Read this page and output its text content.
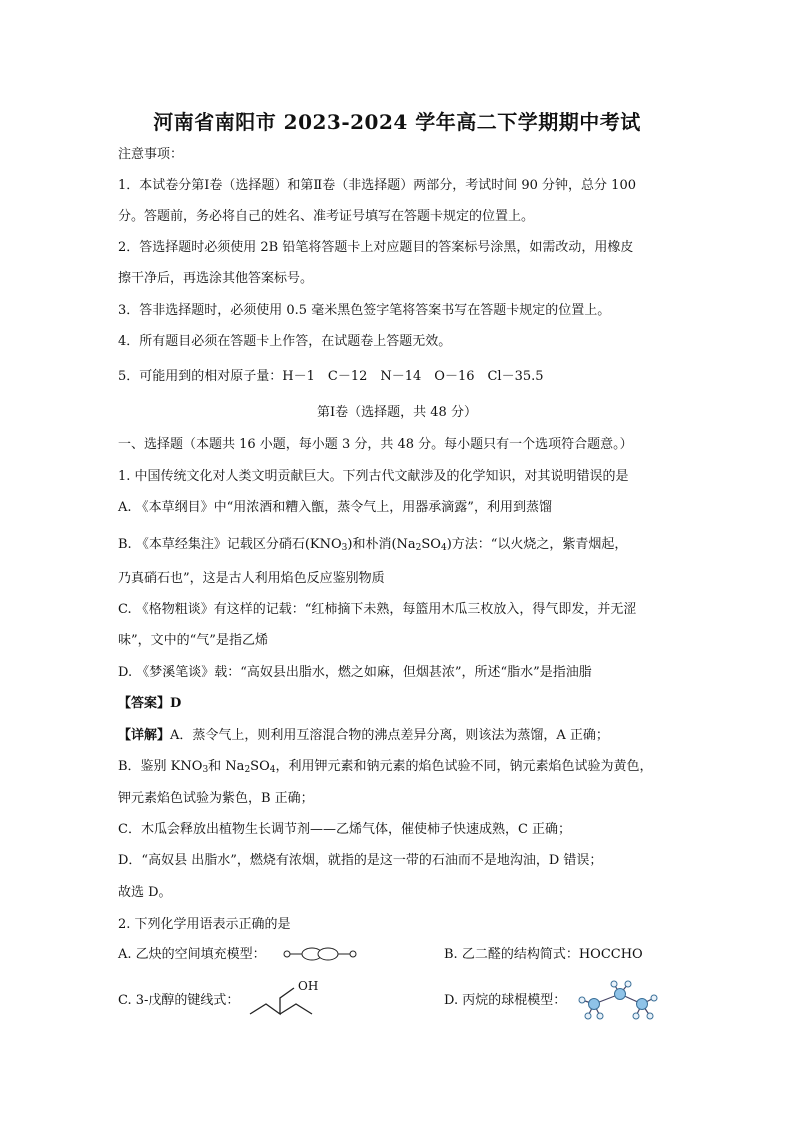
河南省南阳市 2023-2024 学年高二下学期期中考试
注意事项：
1．本试卷分第Ⅰ卷（选择题）和第Ⅱ卷（非选择题）两部分，考试时间 90 分钟，总分 100
分。答题前，务必将自己的姓名、准考证号填写在答题卡规定的位置上。
2．答选择题时必须使用 2B 铅笔将答题卡上对应题目的答案标号涂黑，如需改动，用橡皮
擦干净后，再选涂其他答案标号。
3．答非选择题时，必须使用 0.5 毫米黑色签字笔将答案书写在答题卡规定的位置上。
4．所有题目必须在答题卡上作答，在试题卷上答题无效。
5．可能用到的相对原子量：H－1　C－12　N－14　O－16　Cl－35.5
第Ⅰ卷（选择题，共 48 分）
一、选择题（本题共 16 小题，每小题 3 分，共 48 分。每小题只有一个选项符合题意。）
1. 中国传统文化对人类文明贡献巨大。下列古代文献涉及的化学知识，对其说明错误的是
A. 《本草纲目》中“用浓酒和糟入甑，蒸令气上，用器承滴露”，利用到蒸馏
B. 《本草经集注》记载区分硝石$(KNO_3)$和朴消$(Na_2SO_4)$方法：“以火烧之，紫青烟起，
乃真硝石也”，这是古人利用焰色反应鉴别物质
C. 《格物粗谈》有这样的记载：“红柿摘下未熟，每篮用木瓜三枚放入，得气即发，并无涩
味”，文中的“气”是指乙烯
D. 《梦溪笔谈》载：“高奴县出脂水，燃之如麻，但烟甚浓”，所述“脂水”是指油脂
【答案】D
【详解】A．蒸令气上，则利用互溶混合物的沸点差异分离，则该法为蒸馏，A 正确；
B．鉴别 $KNO_3$和 $Na_2SO_4$，利用钾元素和钠元素的焰色试验不同，钠元素焰色试验为黄色，
钾元素焰色试验为紫色，B 正确；
C．木瓜会释放出植物生长调节剂——乙烯气体，催使柿子快速成熟，C 正确；
D．“高奴县 出脂水”，燃烧有浓烟，就指的是这一带的石油而不是地沟油，D 错误；
故选 D。
2. 下列化学用语表示正确的是
A. 乙炔的空间填充模型：	B. 乙二醛的结构简式：HOCCHO
C. 3-戊醇的键线式：
OH
D. 丙烷的球棍模型：
